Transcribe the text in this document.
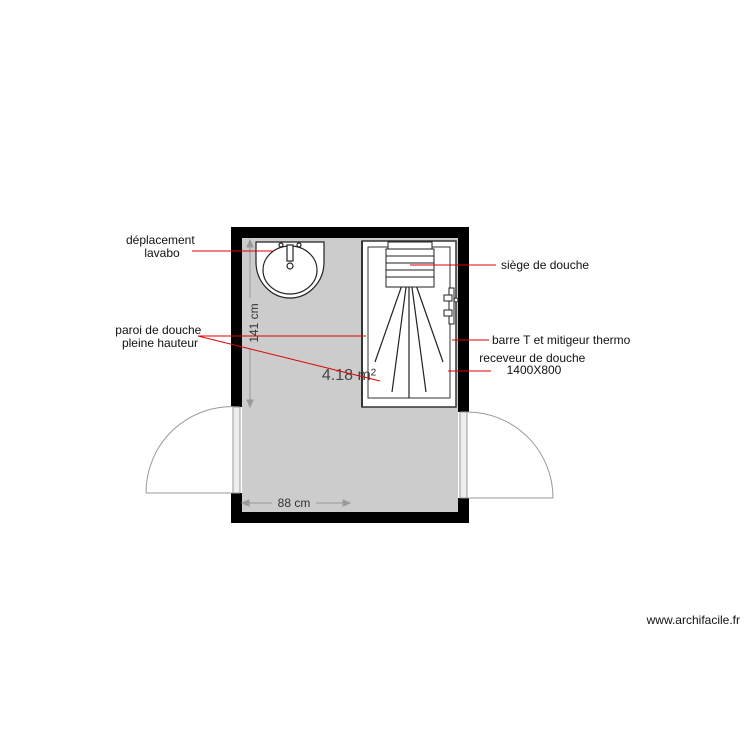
88 cm
141 cm
4.18 m²
déplacement lavabo
paroi de douche pleine hauteur
siège de douche
barre T et mitigeur thermo
receveur de douche 1400X800
www.archifacile.fr
